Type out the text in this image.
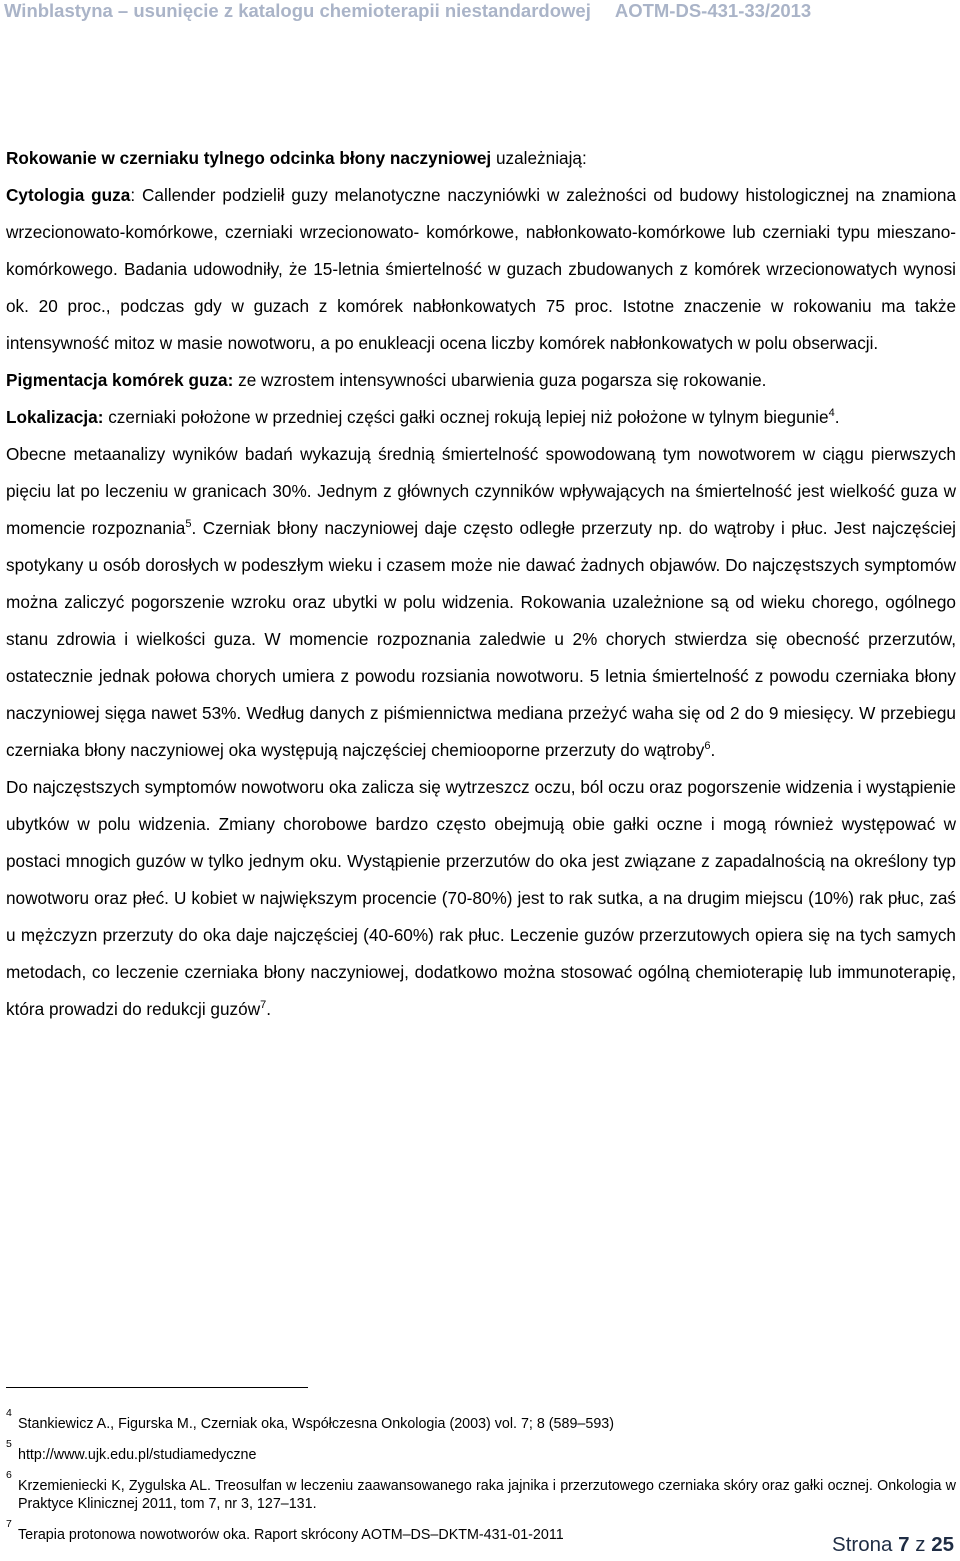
Winblastyna – usunięcie z katalogu chemioterapii niestandardowej AOTM-DS-431-33/2013

Rokowanie w czerniaku tylnego odcinka błony naczyniowej uzależniają:

Cytologia guza: Callender podzielił guzy melanotyczne naczyniówki w zależności od budowy histologicznej na znamiona wrzecionowato-komórkowe, czerniaki wrzecionowato- komórkowe, nabłonkowato-komórkowe lub czerniaki typu mieszano-komórkowego. Badania udowodniły, że 15-letnia śmiertelność w guzach zbudowanych z komórek wrzecionowatych wynosi ok. 20 proc., podczas gdy w guzach z komórek nabłonkowatych 75 proc. Istotne znaczenie w rokowaniu ma także intensywność mitoz w masie nowotworu, a po enukleacji ocena liczby komórek nabłonkowatych w polu obserwacji.

Pigmentacja komórek guza: ze wzrostem intensywności ubarwienia guza pogarsza się rokowanie.

Lokalizacja: czerniaki położone w przedniej części gałki ocznej rokują lepiej niż położone w tylnym biegunie$^4$.

Obecne metaanalizy wyników badań wykazują średnią śmiertelność spowodowaną tym nowotworem w ciągu pierwszych pięciu lat po leczeniu w granicach 30%. Jednym z głównych czynników wpływających na śmiertelność jest wielkość guza w momencie rozpoznania$^5$. Czerniak błony naczyniowej daje często odległe przerzuty np. do wątroby i płuc. Jest najczęściej spotykany u osób dorosłych w podeszłym wieku i czasem może nie dawać żadnych objawów. Do najczęstszych symptomów można zaliczyć pogorszenie wzroku oraz ubytki w polu widzenia. Rokowania uzależnione są od wieku chorego, ogólnego stanu zdrowia i wielkości guza. W momencie rozpoznania zaledwie u 2% chorych stwierdza się obecność przerzutów, ostatecznie jednak połowa chorych umiera z powodu rozsiania nowotworu. 5 letnia śmiertelność z powodu czerniaka błony naczyniowej sięga nawet 53%. Według danych z piśmiennictwa mediana przeżyć waha się od 2 do 9 miesięcy. W przebiegu czerniaka błony naczyniowej oka występują najczęściej chemiooporne przerzuty do wątroby$^6$.

Do najczęstszych symptomów nowotworu oka zalicza się wytrzeszcz oczu, ból oczu oraz pogorszenie widzenia i wystąpienie ubytków w polu widzenia. Zmiany chorobowe bardzo często obejmują obie gałki oczne i mogą również występować w postaci mnogich guzów w tylko jednym oku. Wystąpienie przerzutów do oka jest związane z zapadalnością na określony typ nowotworu oraz płeć. U kobiet w największym procencie (70-80%) jest to rak sutka, a na drugim miejscu (10%) rak płuc, zaś u mężczyzn przerzuty do oka daje najczęściej (40-60%) rak płuc. Leczenie guzów przerzutowych opiera się na tych samych metodach, co leczenie czerniaka błony naczyniowej, dodatkowo można stosować ogólną chemioterapię lub immunoterapię, która prowadzi do redukcji guzów$^7$.

4
Stankiewicz A., Figurska M., Czerniak oka, Współczesna Onkologia (2003) vol. 7; 8 (589–593)
5
http://www.ujk.edu.pl/studiamedyczne
6
Krzemieniecki K, Zygulska AL. Treosulfan w leczeniu zaawansowanego raka jajnika i przerzutowego czerniaka skóry oraz gałki ocznej. Onkologia w Praktyce Klinicznej 2011, tom 7, nr 3, 127–131.
7
Terapia protonowa nowotworów oka. Raport skrócony AOTM–DS–DKTM-431-01-2011	Strona 7 z 25
